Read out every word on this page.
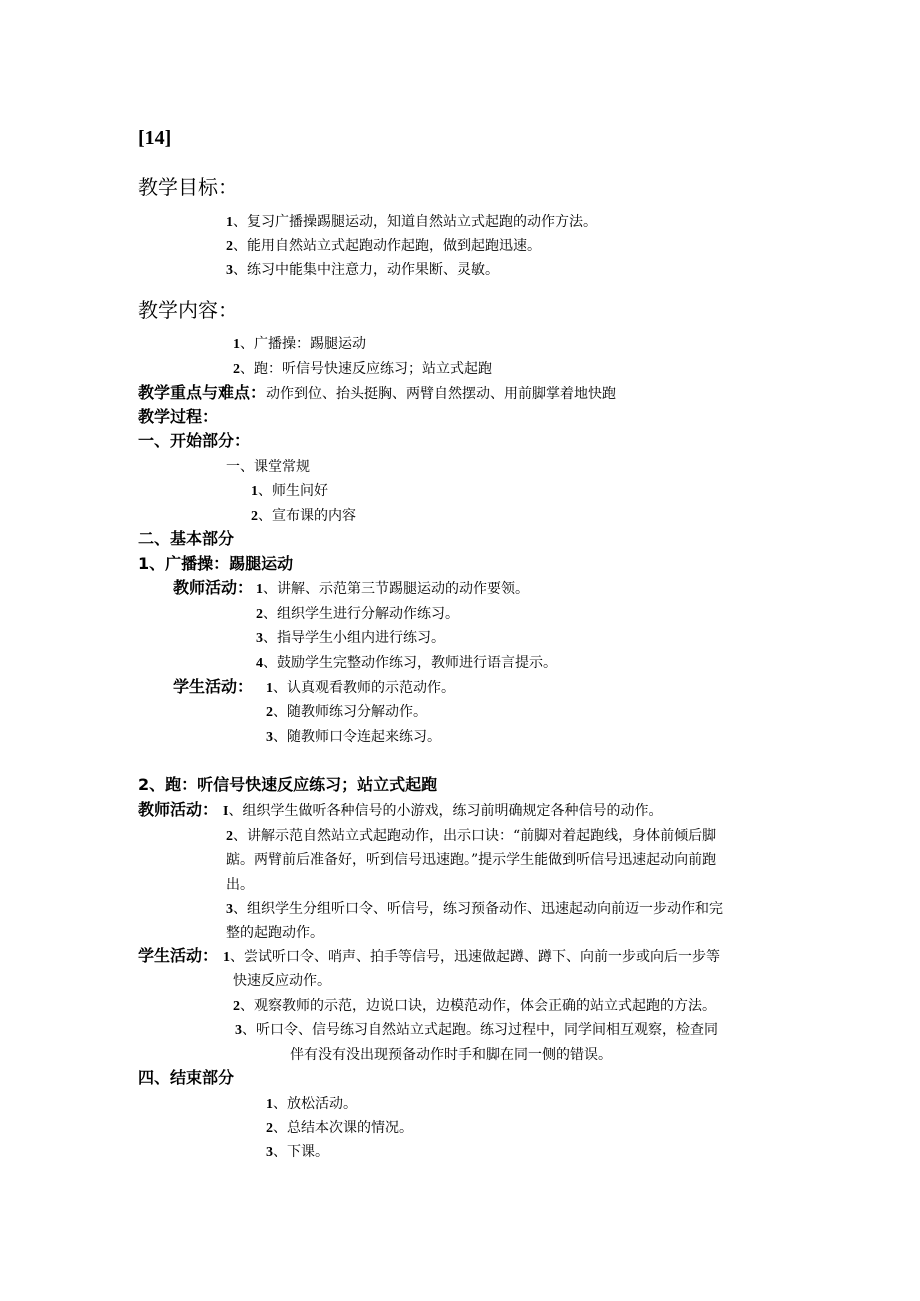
[14]
教学目标：
1、复习广播操踢腿运动，知道自然站立式起跑的动作方法。
2、能用自然站立式起跑动作起跑，做到起跑迅速。
3、练习中能集中注意力，动作果断、灵敏。
教学内容：
1、广播操：踢腿运动
2、跑：听信号快速反应练习；站立式起跑
教学重点与难点：动作到位、抬头挺胸、两臂自然摆动、用前脚掌着地快跑
教学过程：
一、开始部分：
一、课堂常规
1、师生问好
2、宣布课的内容
二、基本部分
1、广播操：踢腿运动
教师活动： 1、讲解、示范第三节踢腿运动的动作要领。
2、组织学生进行分解动作练习。
3、指导学生小组内进行练习。
4、鼓励学生完整动作练习，教师进行语言提示。
学生活动： 1、认真观看教师的示范动作。
2、随教师练习分解动作。
3、随教师口令连起来练习。
2、跑：听信号快速反应练习；站立式起跑
教师活动： I、组织学生做听各种信号的小游戏，练习前明确规定各种信号的动作。
2、讲解示范自然站立式起跑动作，出示口诀：“前脚对着起跑线，身体前倾后脚
踮。两臂前后准备好，听到信号迅速跑。”提示学生能做到听信号迅速起动向前跑
出。
3、组织学生分组听口令、听信号，练习预备动作、迅速起动向前迈一步动作和完
整的起跑动作。
学生活动： 1、尝试听口令、哨声、拍手等信号，迅速做起蹲、蹲下、向前一步或向后一步等
快速反应动作。
2、观察教师的示范，边说口诀，边模范动作，体会正确的站立式起跑的方法。
3、听口令、信号练习自然站立式起跑。练习过程中，同学间相互观察，检查同
伴有没有没出现预备动作时手和脚在同一侧的错误。
四、结束部分
1、放松活动。
2、总结本次课的情况。
3、下课。
